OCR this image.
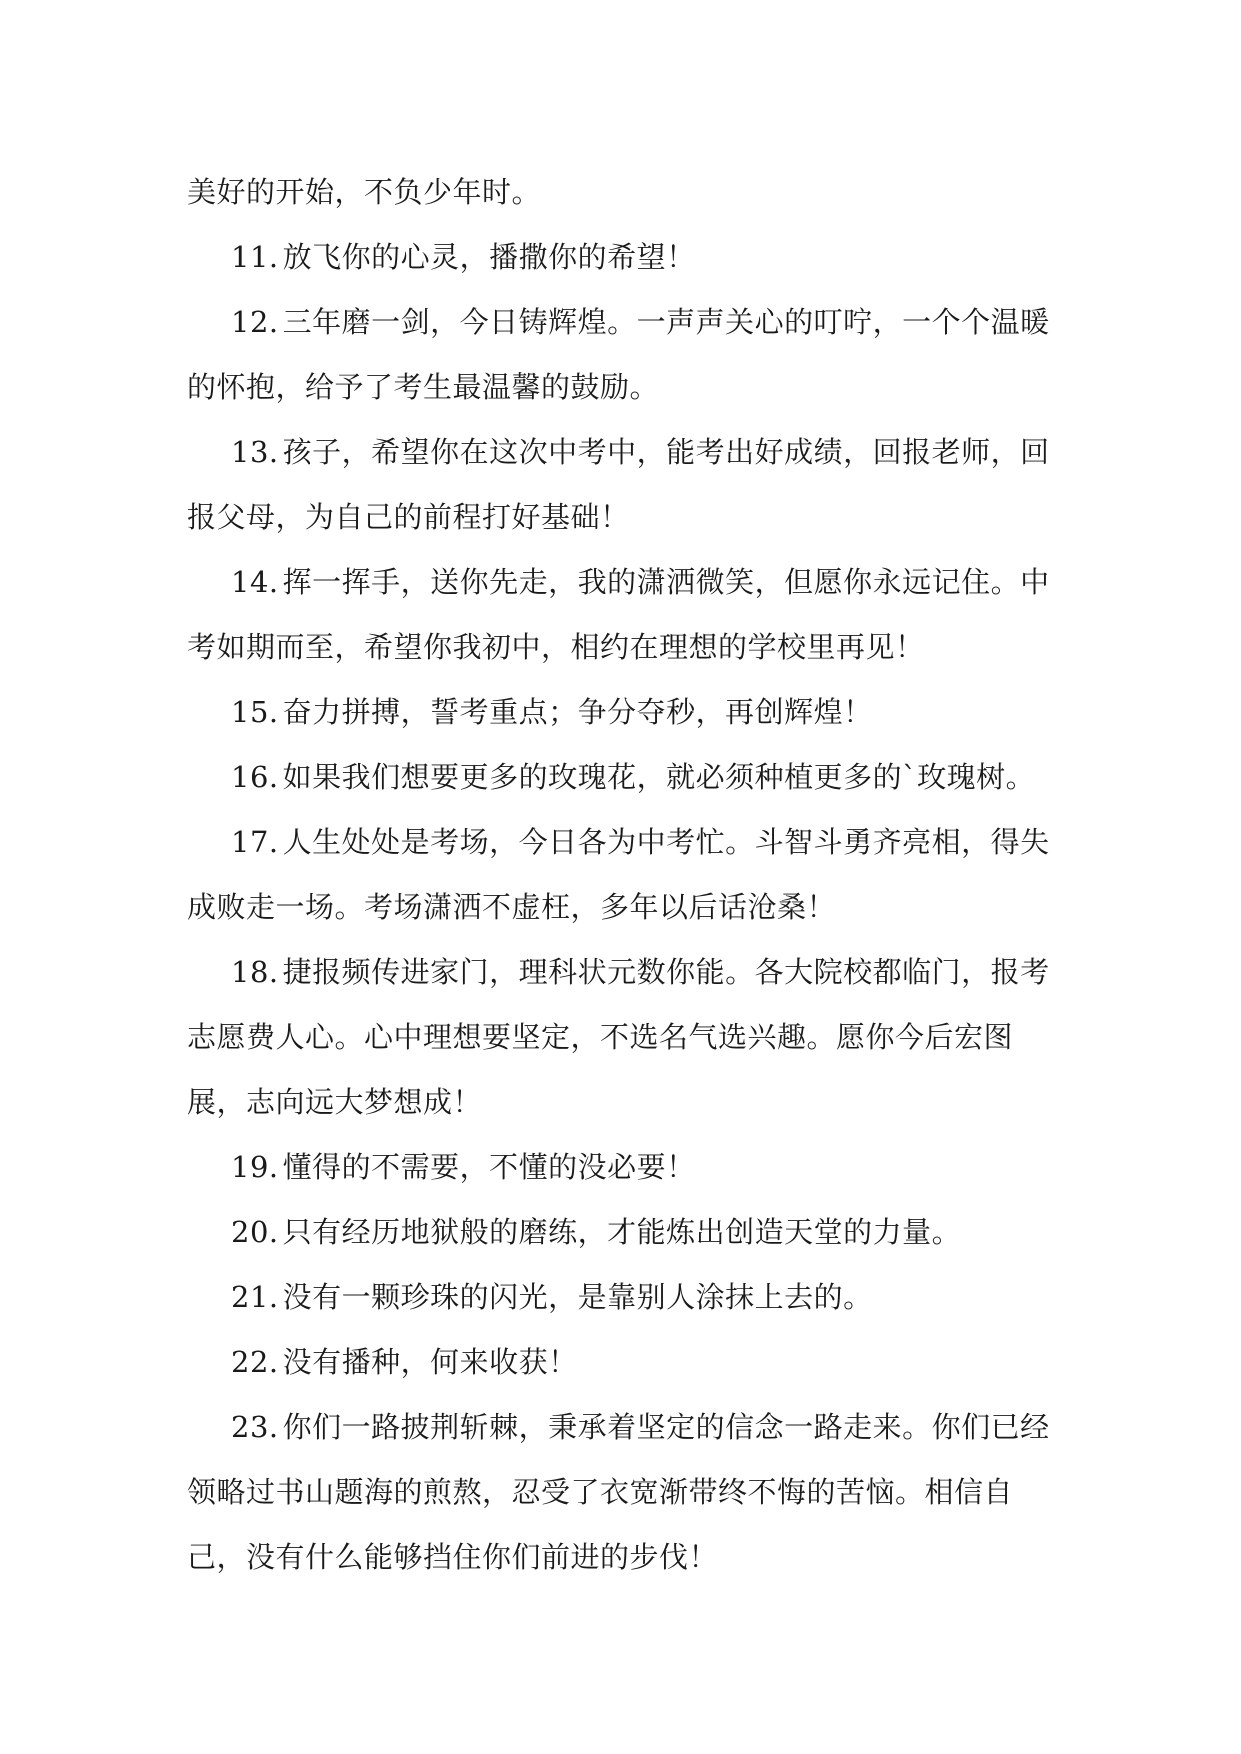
美好的开始，不负少年时。

11. 放飞你的心灵，播撒你的希望！

12. 三年磨一剑，今日铸辉煌。一声声关心的叮咛，一个个温暖的怀抱，给予了考生最温馨的鼓励。

13. 孩子，希望你在这次中考中，能考出好成绩，回报老师，回报父母，为自己的前程打好基础！

14. 挥一挥手，送你先走，我的潇洒微笑，但愿你永远记住。中考如期而至，希望你我初中，相约在理想的学校里再见！

15. 奋力拼搏，誓考重点；争分夺秒，再创辉煌！

16. 如果我们想要更多的玫瑰花，就必须种植更多的`玫瑰树。

17. 人生处处是考场，今日各为中考忙。斗智斗勇齐亮相，得失成败走一场。考场潇洒不虚枉，多年以后话沧桑！

18. 捷报频传进家门，理科状元数你能。各大院校都临门，报考志愿费人心。心中理想要坚定，不选名气选兴趣。愿你今后宏图展，志向远大梦想成！

19. 懂得的不需要，不懂的没必要！

20. 只有经历地狱般的磨练，才能炼出创造天堂的力量。

21. 没有一颗珍珠的闪光，是靠别人涂抹上去的。

22. 没有播种，何来收获！

23. 你们一路披荆斩棘，秉承着坚定的信念一路走来。你们已经领略过书山题海的煎熬，忍受了衣宽渐带终不悔的苦恼。相信自己，没有什么能够挡住你们前进的步伐！
